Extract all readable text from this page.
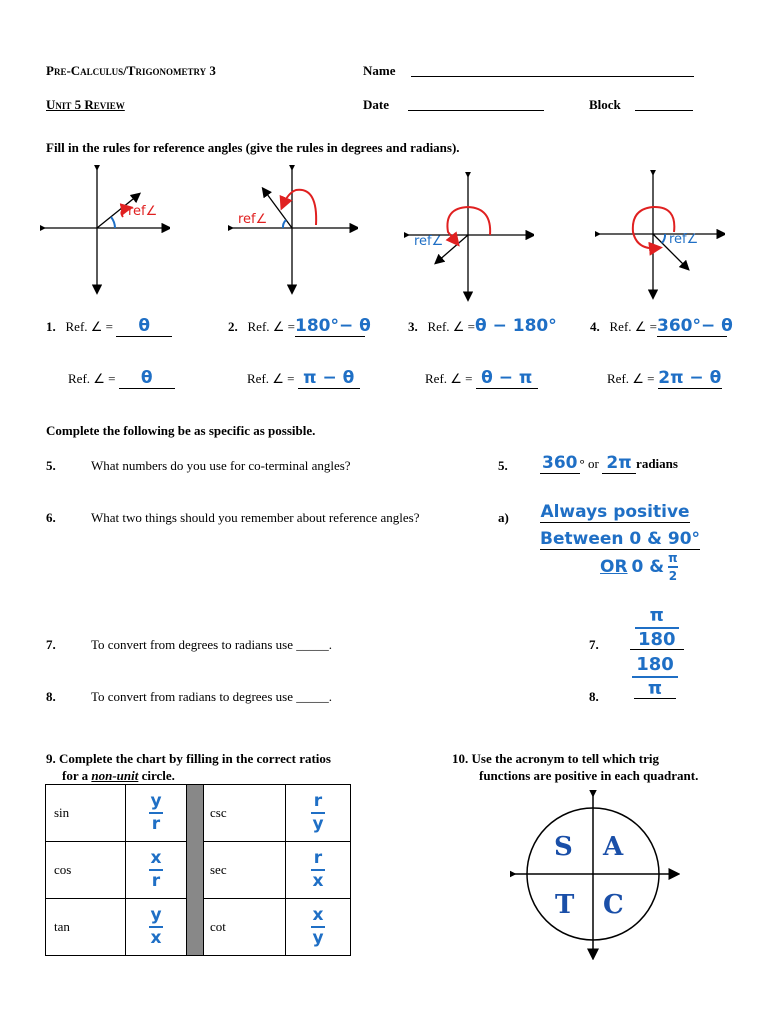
Pre-Calculus/Trigonometry 3
Unit 5 Review
Name
Date	Block
Fill in the rules for reference angles (give the rules in degrees and radians).
ref∠
ref∠
ref∠	ref∠
1. Ref. ∠ = θ	2. Ref. ∠ =180°− θ	3. Ref. ∠ =θ − 180°	4. Ref. ∠ =360°− θ
Ref. ∠ = θ	Ref. ∠ = π − θ	Ref. ∠ = θ − π	Ref. ∠ = 2π − θ
Complete the following be as specific as possible.
5.	What numbers do you use for co-terminal angles?	5. 360 ° or 2π radians
6.	What two things should you remember about reference angles?	a) Always positive
Between 0 & 90°
OR 0 & $\frac{\pi}{2}$
7.	To convert from degrees to radians use _____.	7.
π
180
8.	To convert from radians to degrees use _____.	8.
180
π
9. Complete the chart by filling in the correct ratios
for a non-unit circle.
sin	$\frac{y}{r}$		csc	$\frac{r}{y}$

cos	$\frac{x}{r}$		sec	$\frac{r}{x}$

tan	$\frac{y}{x}$		cot	$\frac{x}{y}$
10. Use the acronym to tell which trig
functions are positive in each quadrant.
S A
T C
